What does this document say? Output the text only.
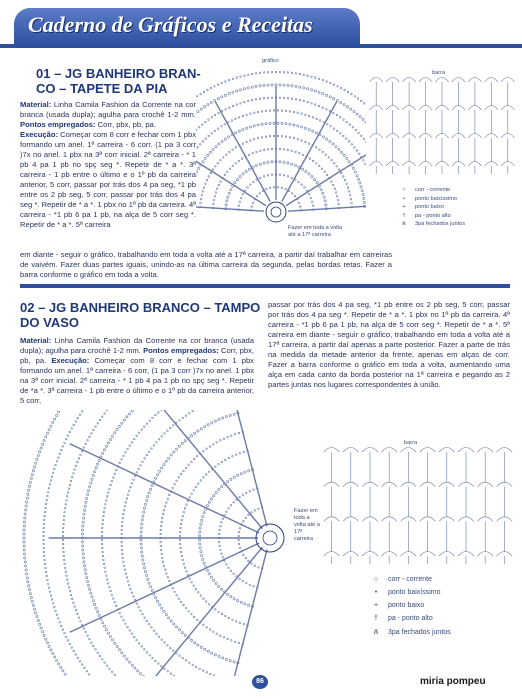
Caderno de Gráficos e Receitas
01 – JG BANHEIRO BRAN-
CO – TAPETE DA PIA

Material: Linha Camila Fashion da Corrente na cor branca (usada dupla); agulha para crochê 1-2 mm. Pontos empregados: Corr, pbx, pb, pa.

Execução: Começar com 8 corr e fechar com 1 pbx formando um anel. 1ª carreira - 6 corr. (1 pa 3 corr )7x no anel. 1 pbx na 3ª corr inicial. 2ª carreira - * 1 pb 4 pa 1 pb no spç seg *. Repetir de * a *. 3ª carreira - 1 pb entre o último e o 1º pb da carreira anterior, 5 corr, passar por trás dos 4 pa seg, *1 pb entre os 2 pb seg, 5 corr, passar por trás dos 4 pa seg *. Repetir de * a *. 1 pbx no 1º pb da carreira. 4ª carreira - *1 pb 6 pa 1 pb, na alça de 5 corr seg *. Repetir de * a *. 5ª carreira

em diante - seguir o gráfico, trabalhando em toda a volta até a 17ª carreira, a partir daí trabalhar em carreiras de vaivém. Fazer duas partes iguais, unindo-as na última carreira da segunda, pelas bordas retas. Fazer a barra conforme o gráfico em toda a volta.
gráfico
Fazer em toda a volta até a 17ª carreira
barra
○ corr - corrente
• ponto baixíssimo
+ ponto baixo
† pa - ponto alto
⋔ 3pa fechados juntos
02 – JG BANHEIRO BRANCO – TAMPO
DO VASO
Material: Linha Camila Fashion da Corrente na cor branca (usada dupla); agulha para crochê 1-2 mm. Pontos empregados: Corr, pbx, pb, pa. Execução: Começar com 8 corr e fechar com 1 pbx formando um anel. 1ª carreira - 6 corr, (1 pa 3 corr )7x no anel. 1 pbx na 3ª corr inicial. 2ª carreira - * 1 pb 4 pa 1 pb no spç seg *. Repetir de *a *. 3ª carreira - 1 pb entre o último e o 1º pb da carreira anterior, 5 corr,
passar por trás dos 4 pa seg, *1 pb entre os 2 pb seg, 5 corr, passar por trás dos 4 pa seg *. Repetir de * a *. 1 pbx no 1º pb da carreira. 4ª carreira - *1 pb 6 pa 1 pb, na alça de 5 corr seg *. Repetir de * a *. 5ª carreira em diante - seguir o gráfico, trabalhando em toda a volta até a 17ª carreira, a partir daí apenas a parte posterior. Fazer a parte de trás na medida da metade anterior da frente, apenas em alças de corr. Fazer a barra conforme o gráfico em toda a volta, aumentando uma alça em cada canto da borda posterior na 1ª carreira e pegando as 2 partes juntas nos lugares correspondentes à união.
Fazer em toda a volta até a 17ª carreira
barra
○ corr - corrente
• ponto baixíssimo
+ ponto baixo
† pa - ponto alto
⋔ 3pa fechados juntos
86	miria pompeu
